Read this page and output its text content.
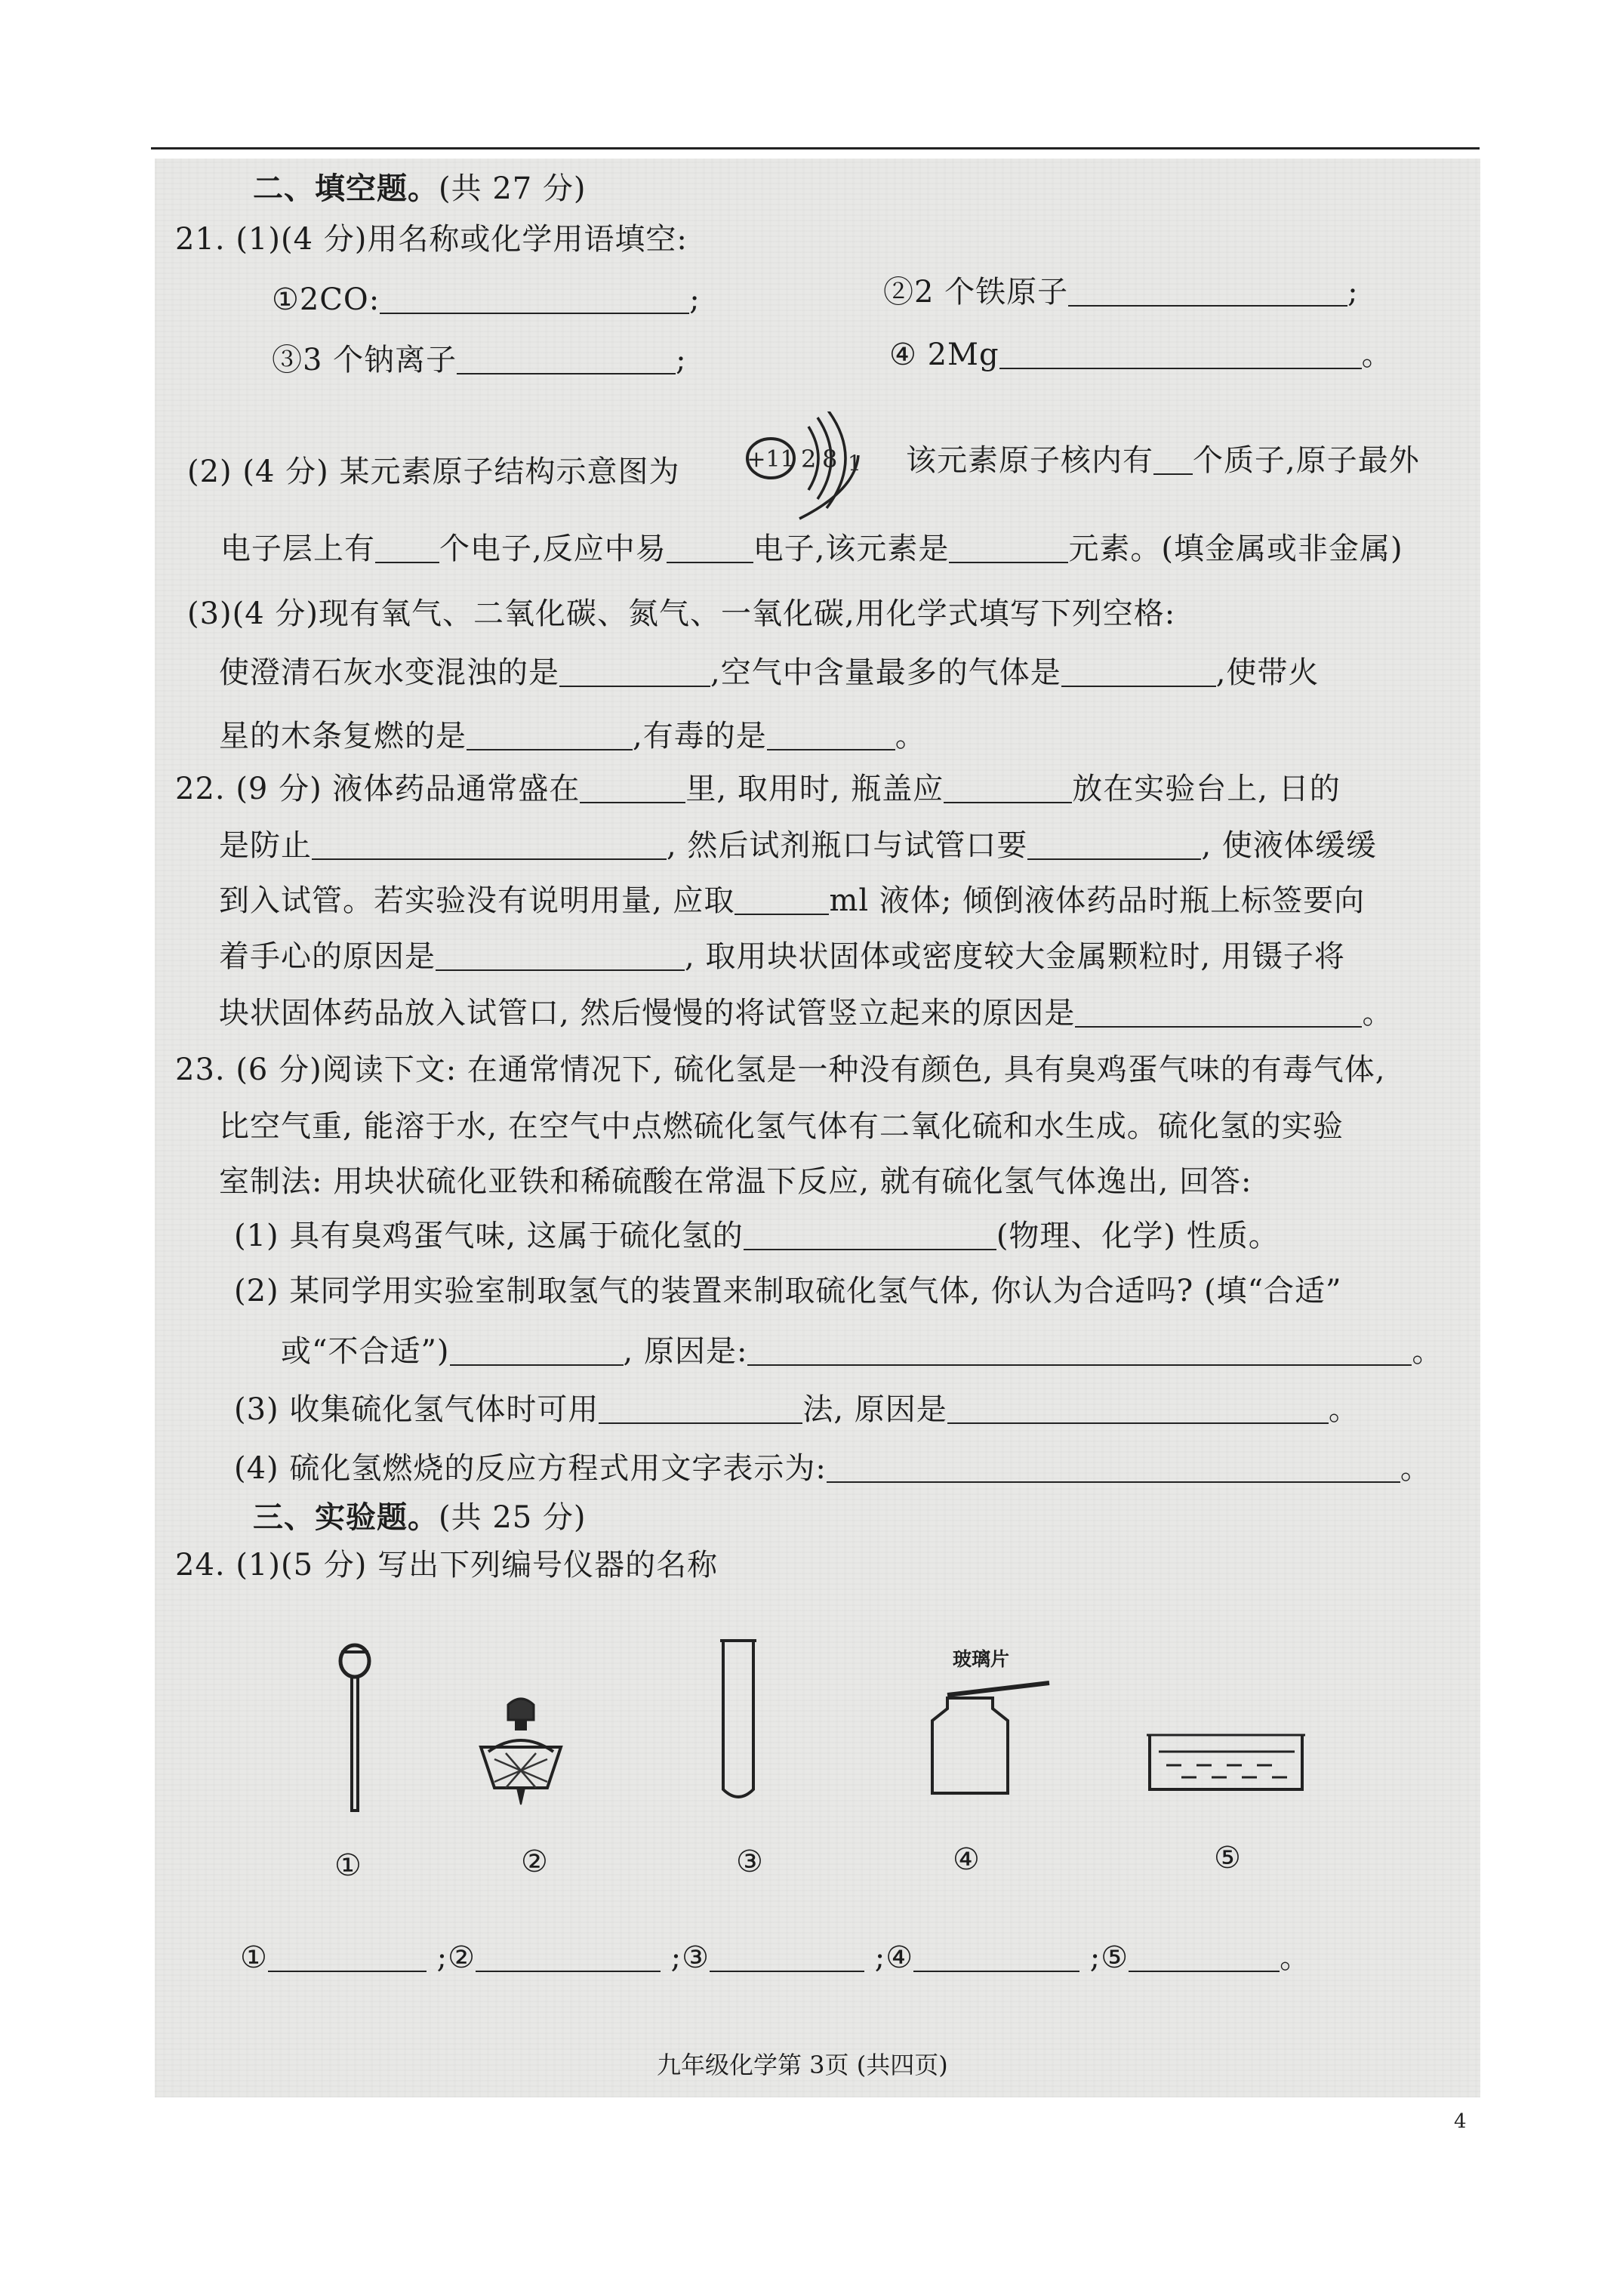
二、填空题。(共 27 分)
21. (1)(4 分)用名称或化学用语填空:
①2CO:	;	②2 个铁原子	;
③3 个钠离子	;	④ 2Mg	。
(2) (4 分) 某元素原子结构示意图为	+11 2 8 1 该元素原子核内有 个质子,原子最外
电子层上有 个电子,反应中易	电子,该元素是	元素。(填金属或非金属)
(3)(4 分)现有氧气、二氧化碳、氮气、一氧化碳,用化学式填写下列空格:
使澄清石灰水变混浊的是	,空气中含量最多的气体是	,使带火
星的木条复燃的是	,有毒的是	。
22. (9 分) 液体药品通常盛在	里, 取用时, 瓶盖应	放在实验台上, 日的
是防止	, 然后试剂瓶口与试管口要	, 使液体缓缓
到入试管。若实验没有说明用量, 应取	ml 液体; 倾倒液体药品时瓶上标签要向
着手心的原因是	, 取用块状固体或密度较大金属颗粒时, 用镊子将
块状固体药品放入试管口, 然后慢慢的将试管竖立起来的原因是	。
23. (6 分)阅读下文: 在通常情况下, 硫化氢是一种没有颜色, 具有臭鸡蛋气味的有毒气体,
比空气重, 能溶于水, 在空气中点燃硫化氢气体有二氧化硫和水生成。硫化氢的实验
室制法: 用块状硫化亚铁和稀硫酸在常温下反应, 就有硫化氢气体逸出, 回答:
(1) 具有臭鸡蛋气味, 这属于硫化氢的	(物理、化学) 性质。
(2) 某同学用实验室制取氢气的装置来制取硫化氢气体, 你认为合适吗? (填“合适”
或“不合适”)	, 原因是:	。
(3) 收集硫化氢气体时可用	法, 原因是	。
(4) 硫化氢燃烧的反应方程式用文字表示为:	。
三、实验题。(共 25 分)
24. (1)(5 分) 写出下列编号仪器的名称
玻璃片
①	②	③	④	⑤
①	;②	;③	;④	;⑤	。
九年级化学第 3页 (共四页)
4
